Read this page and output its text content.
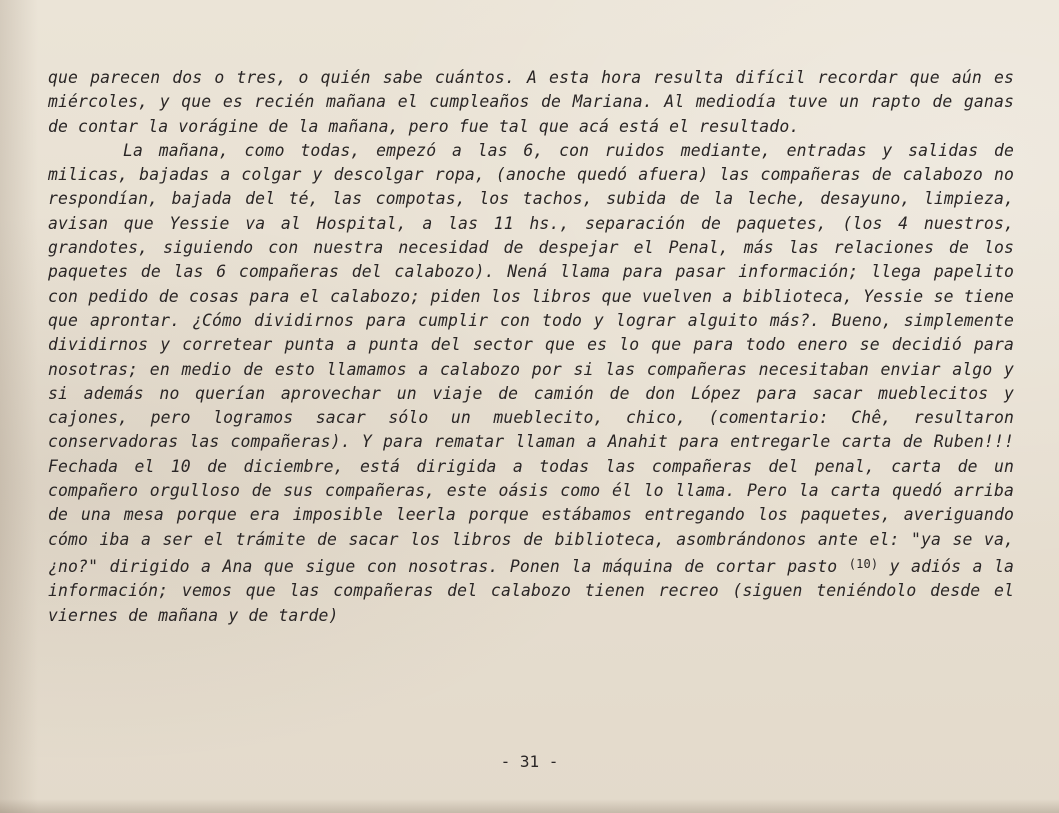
que parecen dos o tres, o quién sabe cuántos. A esta hora resulta difícil recordar que aún es miércoles, y que es recién mañana el cumpleaños de Mariana. Al mediodía tuve un rapto de ganas de contar la vorágine de la mañana, pero fue tal que acá está el resultado.

La mañana, como todas, empezó a las 6, con ruidos mediante, entradas y salidas de milicas, bajadas a colgar y descolgar ropa, (anoche quedó afuera) las compañeras de calabozo no respondían, bajada del té, las compotas, los tachos, subida de la leche, desayuno, limpieza, avisan que Yessie va al Hospital, a las 11 hs., separación de paquetes, (los 4 nuestros, grandotes, siguiendo con nuestra necesidad de despejar el Penal, más las relaciones de los paquetes de las 6 compañeras del calabozo). Nená llama para pasar información; llega papelito con pedido de cosas para el calabozo; piden los libros que vuelven a biblioteca, Yessie se tiene que aprontar. ¿Cómo dividirnos para cumplir con todo y lograr alguito más?. Bueno, simplemente dividirnos y corretear punta a punta del sector que es lo que para todo enero se decidió para nosotras; en medio de esto llamamos a calabozo por si las compañeras necesitaban enviar algo y si además no querían aprovechar un viaje de camión de don López para sacar mueblecitos y cajones, pero logramos sacar sólo un mueblecito, chico, (comentario: Chê, resultaron conservadoras las compañeras). Y para rematar llaman a Anahit para entregarle carta de Ruben!!! Fechada el 10 de diciembre, está dirigida a todas las compañeras del penal, carta de un compañero orgulloso de sus compañeras, este oásis como él lo llama. Pero la carta quedó arriba de una mesa porque era imposible leerla porque estábamos entregando los paquetes, averiguando cómo iba a ser el trámite de sacar los libros de biblioteca, asombrándonos ante el: "ya se va, ¿no?" dirigido a Ana que sigue con nosotras. Ponen la máquina de cortar pasto $^{(10)}$ y adiós a la información; vemos que las compañeras del calabozo tienen recreo (siguen teniéndolo desde el viernes de mañana y de tarde)

- 31 -
